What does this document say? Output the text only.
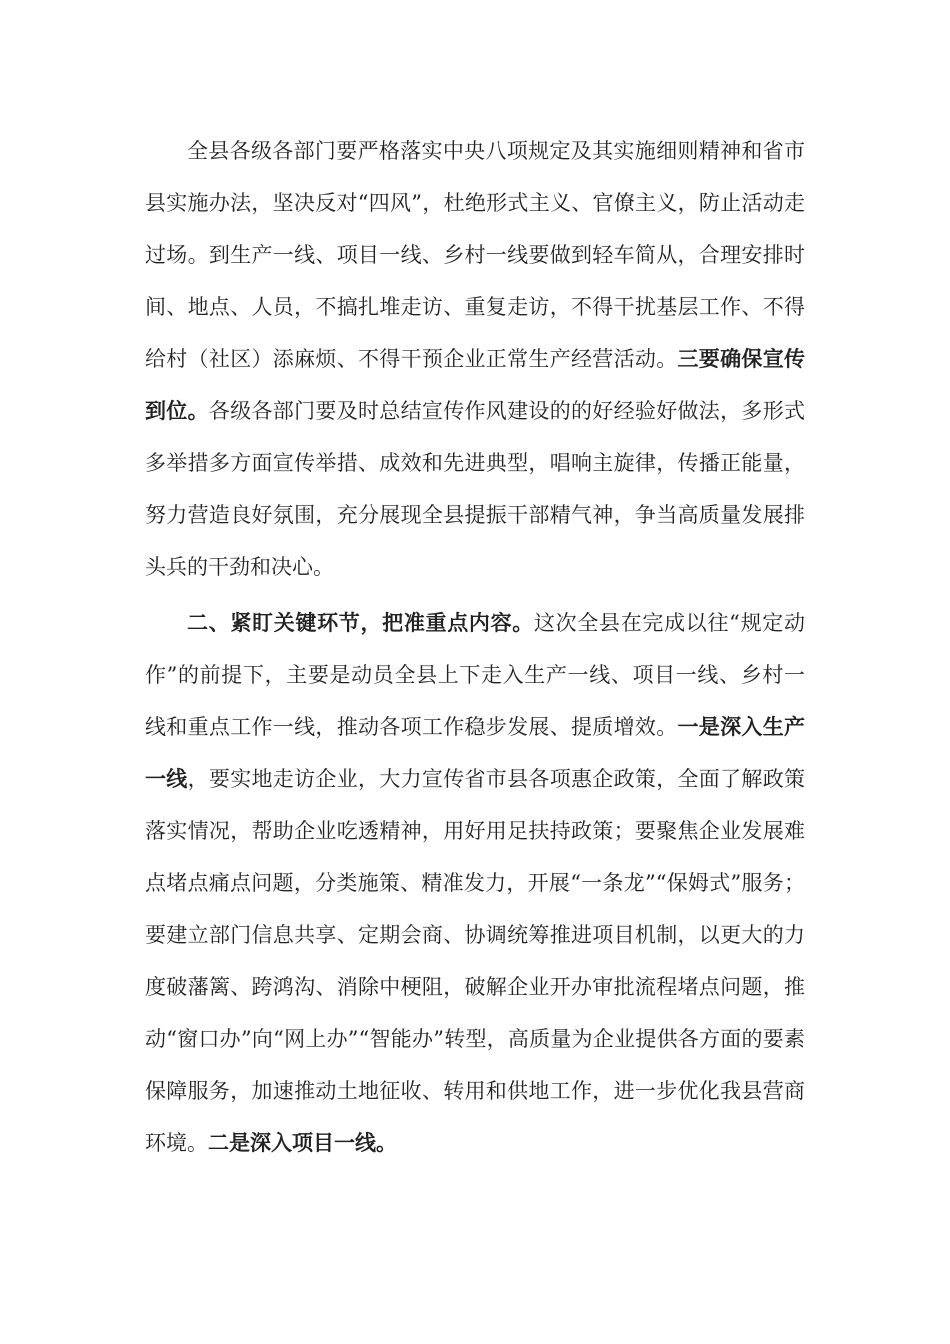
全县各级各部门要严格落实中央八项规定及其实施细则精神和省市县实施办法，坚决反对“四风”，杜绝形式主义、官僚主义，防止活动走过场。到生产一线、项目一线、乡村一线要做到轻车简从，合理安排时间、地点、人员，不搞扎堆走访、重复走访，不得干扰基层工作、不得给村（社区）添麻烦、不得干预企业正常生产经营活动。三要确保宣传到位。各级各部门要及时总结宣传作风建设的的好经验好做法，多形式多举措多方面宣传举措、成效和先进典型，唱响主旋律，传播正能量，努力营造良好氛围，充分展现全县提振干部精气神，争当高质量发展排头兵的干劲和决心。

二、紧盯关键环节，把准重点内容。这次全县在完成以往“规定动作”的前提下，主要是动员全县上下走入生产一线、项目一线、乡村一线和重点工作一线，推动各项工作稳步发展、提质增效。一是深入生产一线，要实地走访企业，大力宣传省市县各项惠企政策，全面了解政策落实情况，帮助企业吃透精神，用好用足扶持政策；要聚焦企业发展难点堵点痛点问题，分类施策、精准发力，开展“一条龙”“保姆式”服务；要建立部门信息共享、定期会商、协调统筹推进项目机制，以更大的力度破藩篱、跨鸿沟、消除中梗阻，破解企业开办审批流程堵点问题，推动“窗口办”向“网上办”“智能办”转型，高质量为企业提供各方面的要素保障服务，加速推动土地征收、转用和供地工作，进一步优化我县营商环境。二是深入项目一线。
